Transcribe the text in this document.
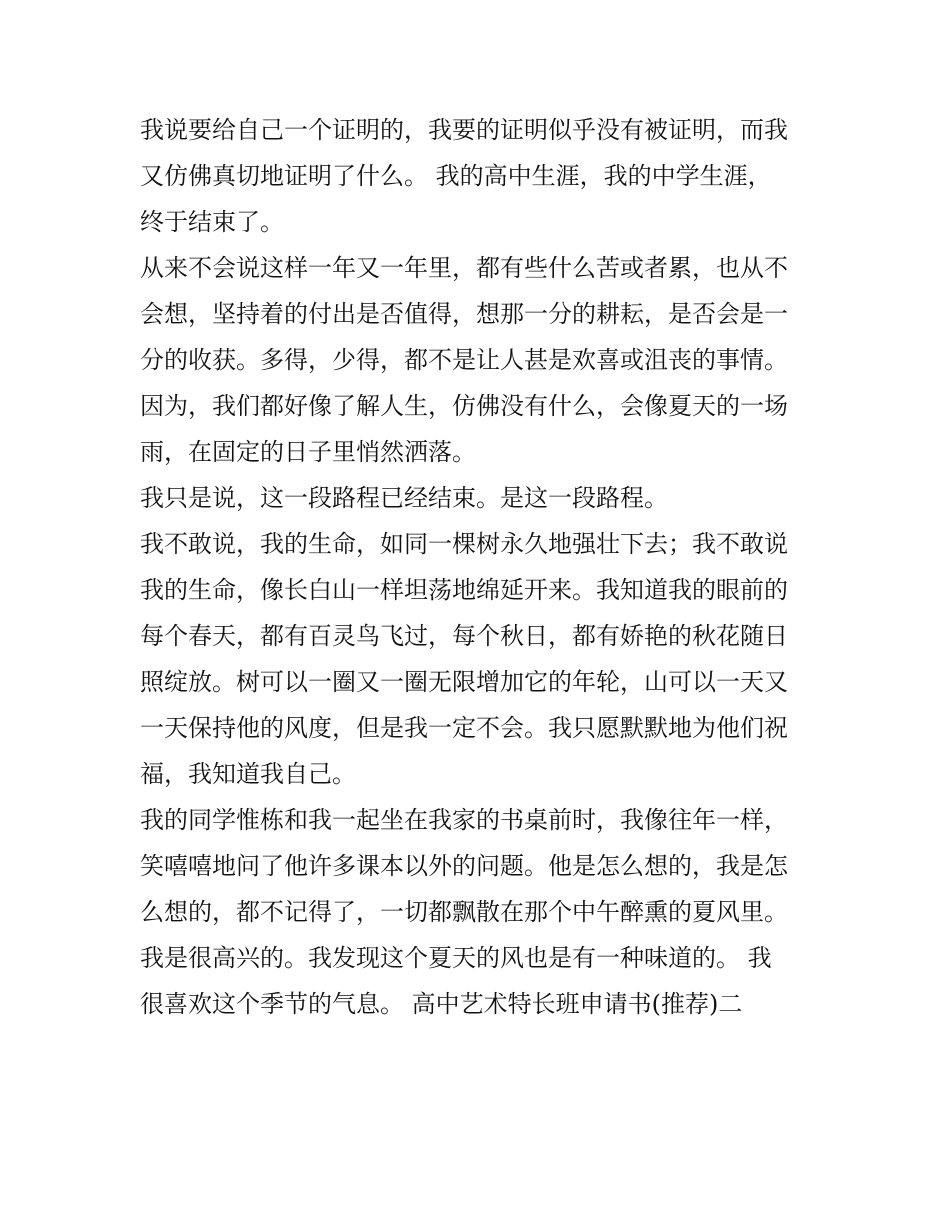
我说要给自己一个证明的，我要的证明似乎没有被证明，而我
又仿佛真切地证明了什么。 我的高中生涯，我的中学生涯，
终于结束了。
从来不会说这样一年又一年里，都有些什么苦或者累，也从不
会想，坚持着的付出是否值得，想那一分的耕耘，是否会是一
分的收获。多得，少得，都不是让人甚是欢喜或沮丧的事情。
因为，我们都好像了解人生，仿佛没有什么，会像夏天的一场
雨，在固定的日子里悄然洒落。
我只是说，这一段路程已经结束。是这一段路程。
我不敢说，我的生命，如同一棵树永久地强壮下去；我不敢说
我的生命，像长白山一样坦荡地绵延开来。我知道我的眼前的
每个春天，都有百灵鸟飞过，每个秋日，都有娇艳的秋花随日
照绽放。树可以一圈又一圈无限增加它的年轮，山可以一天又
一天保持他的风度，但是我一定不会。我只愿默默地为他们祝
福，我知道我自己。
我的同学惟栋和我一起坐在我家的书桌前时，我像往年一样，
笑嘻嘻地问了他许多课本以外的问题。他是怎么想的，我是怎
么想的，都不记得了，一切都飘散在那个中午醉熏的夏风里。
我是很高兴的。我发现这个夏天的风也是有一种味道的。 我
很喜欢这个季节的气息。 高中艺术特长班申请书(推荐)二
